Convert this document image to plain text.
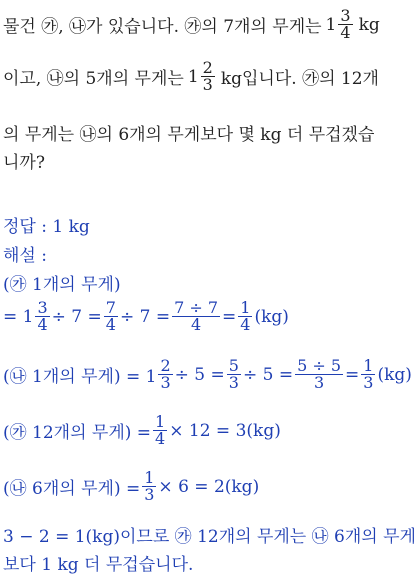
물건 ㉮, ㉯가 있습니다. ㉮의 7개의 무게는 $1 \frac{3}{4}$ kg
이고, ㉯의 5개의 무게는 $1 \frac{2}{3}$ kg입니다. ㉮의 12개
의 무게는 ㉯의 6개의 무게보다 몇 kg 더 무겁겠습
니까?
정답 : 1 kg
해설 :
(㉮ 1개의 무게)
= $1 \frac{3}{4} \div 7 = \frac{7}{4} \div 7 = \frac{7 \div 7}{4} = \frac{1}{4} (kg)$
(㉯ 1개의 무게) = $1 \frac{2}{3} \div 5 = \frac{5}{3} \div 5 = \frac{5 \div 5}{3} = \frac{1}{3} (kg)$
(㉮ 12개의 무게) = $\frac{1}{4} \times 12 = 3(kg)$
(㉯ 6개의 무게) = $\frac{1}{3} \times 6 = 2(kg)$
3 − 2 = 1(kg)이므로 ㉮ 12개의 무게는 ㉯ 6개의 무게
보다 1 kg 더 무겁습니다.
